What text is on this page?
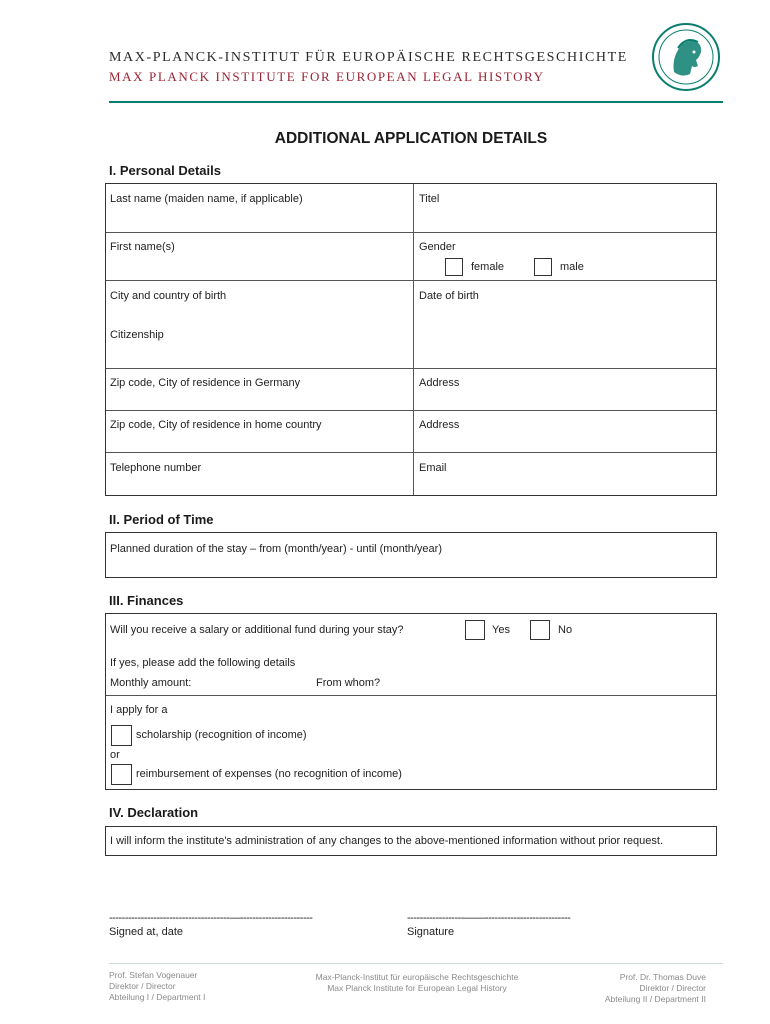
MAX-PLANCK-INSTITUT FÜR EUROPÄISCHE RECHTSGESCHICHTE
MAX PLANCK INSTITUTE FOR EUROPEAN LEGAL HISTORY
ADDITIONAL APPLICATION DETAILS
I. Personal Details
Last name (maiden name, if applicable)	Titel
First name(s)	Gender
female	male
City and country of birth	Date of birth
Citizenship
Zip code, City of residence in Germany	Address
Zip code, City of residence in home country	Address
Telephone number	Email
II. Period of Time
Planned duration of the stay – from (month/year) - until (month/year)
III. Finances
Will you receive a salary or additional fund during your stay?	Yes	No
If yes, please add the following details
Monthly amount:	From whom?
I apply for a
scholarship (recognition of income)
or
reimbursement of expenses (no recognition of income)
IV. Declaration
I will inform the institute's administration of any changes to the above-mentioned information without prior request.
--------------------------------------—-----------------------	------------------——---------------------------
Signed at, date	Signature
Prof. Stefan Vogenauer
Direktor / Director
Abteilung I / Department I
Max-Planck-Institut für europäische Rechtsgeschichte
Max Planck Institute for European Legal History
Prof. Dr. Thomas Duve
Direktor / Director
Abteilung II / Department II
